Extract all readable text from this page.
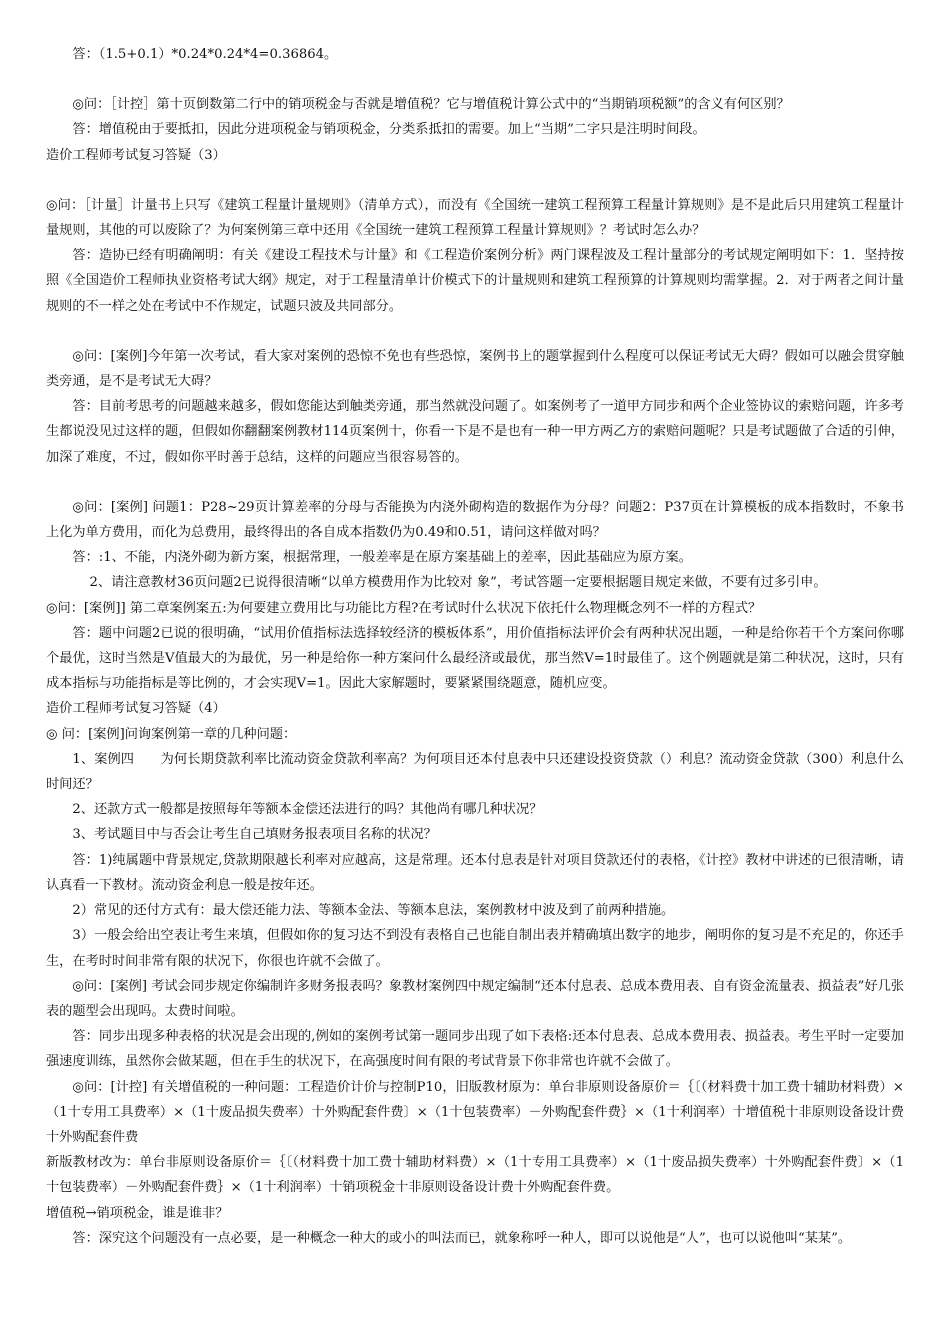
答：（1.5+0.1）*0.24*0.24*4=0.36864。

◎问：［计控］第十页倒数第二行中的销项税金与否就是增值税？它与增值税计算公式中的“当期销项税额”的含义有何区别？

答：增值税由于要抵扣，因此分进项税金与销项税金，分类系抵扣的需要。加上“当期”二字只是注明时间段。

造价工程师考试复习答疑（3）

◎问：［计量］计量书上只写《建筑工程量计量规则》（清单方式），而没有《全国统一建筑工程预算工程量计算规则》是不是此后只用建筑工程量计量规则，其他的可以废除了？为何案例第三章中还用《全国统一建筑工程预算工程量计算规则》？考试时怎么办？

答：造协已经有明确阐明：有关《建设工程技术与计量》和《工程造价案例分析》两门课程波及工程计量部分的考试规定阐明如下：1．坚持按照《全国造价工程师执业资格考试大纲》规定，对于工程量清单计价模式下的计量规则和建筑工程预算的计算规则均需掌握。2．对于两者之间计量规则的不一样之处在考试中不作规定，试题只波及共同部分。

◎问：[案例]今年第一次考试，看大家对案例的恐惊不免也有些恐惊，案例书上的题掌握到什么程度可以保证考试无大碍？假如可以融会贯穿触类旁通，是不是考试无大碍？

答：目前考思考的问题越来越多，假如您能达到触类旁通，那当然就没问题了。如案例考了一道甲方同步和两个企业签协议的索赔问题，许多考生都说没见过这样的题，但假如你翻翻案例教材114页案例十，你看一下是不是也有一种一甲方两乙方的索赔问题呢？只是考试题做了合适的引伸，加深了难度，不过，假如你平时善于总结，这样的问题应当很容易答的。

◎问：[案例] 问题1：P28~29页计算差率的分母与否能换为内浇外砌构造的数据作为分母？问题2：P37页在计算模板的成本指数时，不象书上化为单方费用，而化为总费用，最终得出的各自成本指数仍为0.49和0.51，请问这样做对吗？

答：:1、不能，内浇外砌为新方案，根据常理，一般差率是在原方案基础上的差率，因此基础应为原方案。

2、请注意教材36页问题2已说得很清晰“以单方模费用作为比较对 象”，考试答题一定要根据题目规定来做，不要有过多引申。

◎问：[案例]] 第二章案例案五:为何要建立费用比与功能比方程?在考试时什么状况下依托什么物理概念列不一样的方程式？

答：题中问题2已说的很明确，“试用价值指标法选择较经济的模板体系”，用价值指标法评价会有两种状况出题，一种是给你若干个方案问你哪个最优，这时当然是V值最大的为最优，另一种是给你一种方案问什么最经济或最优，那当然V=1时最佳了。这个例题就是第二种状况，这时，只有成本指标与功能指标是等比例的，才会实现V=1。因此大家解题时，要紧紧围绕题意，随机应变。

造价工程师考试复习答疑（4）

◎ 问：[案例]问询案例第一章的几种问题：

1、案例四　　为何长期贷款利率比流动资金贷款利率高？为何项目还本付息表中只还建设投资贷款（）利息？流动资金贷款（300）利息什么时间还？

2、还款方式一般都是按照每年等额本金偿还法进行的吗？其他尚有哪几种状况？

3、考试题目中与否会让考生自己填财务报表项目名称的状况？

答：1)纯属题中背景规定,贷款期限越长利率对应越高，这是常理。还本付息表是针对项目贷款还付的表格，《计控》教材中讲述的已很清晰，请认真看一下教材。流动资金利息一般是按年还。

2）常见的还付方式有：最大偿还能力法、等额本金法、等额本息法，案例教材中波及到了前两种措施。

3）一般会给出空表让考生来填，但假如你的复习达不到没有表格自己也能自制出表并精确填出数字的地步，阐明你的复习是不充足的，你还手生，在考时时间非常有限的状况下，你很也许就不会做了。

◎问：[案例] 考试会同步规定你编制许多财务报表吗？象教材案例四中规定编制“还本付息表、总成本费用表、自有资金流量表、损益表”好几张表的题型会出现吗。太费时间啦。

答：同步出现多种表格的状况是会出现的,例如的案例考试第一题同步出现了如下表格:还本付息表、总成本费用表、损益表。考生平时一定要加强速度训练，虽然你会做某题，但在手生的状况下，在高强度时间有限的考试背景下你非常也许就不会做了。

◎问：[计控] 有关增值税的一种问题：工程造价计价与控制P10，旧版教材原为：单台非原则设备原价＝｛〔（材料费十加工费十辅助材料费）×（1十专用工具费率）×（1十废品损失费率）十外购配套件费〕×（1十包装费率）－外购配套件费｝×（1十利润率）十增值税十非原则设备设计费十外购配套件费

新版教材改为：单台非原则设备原价＝｛〔（材料费十加工费十辅助材料费）×（1十专用工具费率）×（1十废品损失费率）十外购配套件费〕×（1十包装费率）－外购配套件费｝×（1十利润率）十销项税金十非原则设备设计费十外购配套件费。

增值税→销项税金，谁是谁非？

答：深究这个问题没有一点必要，是一种概念一种大的或小的叫法而已，就象称呼一种人，即可以说他是“人”，也可以说他叫“某某”。
